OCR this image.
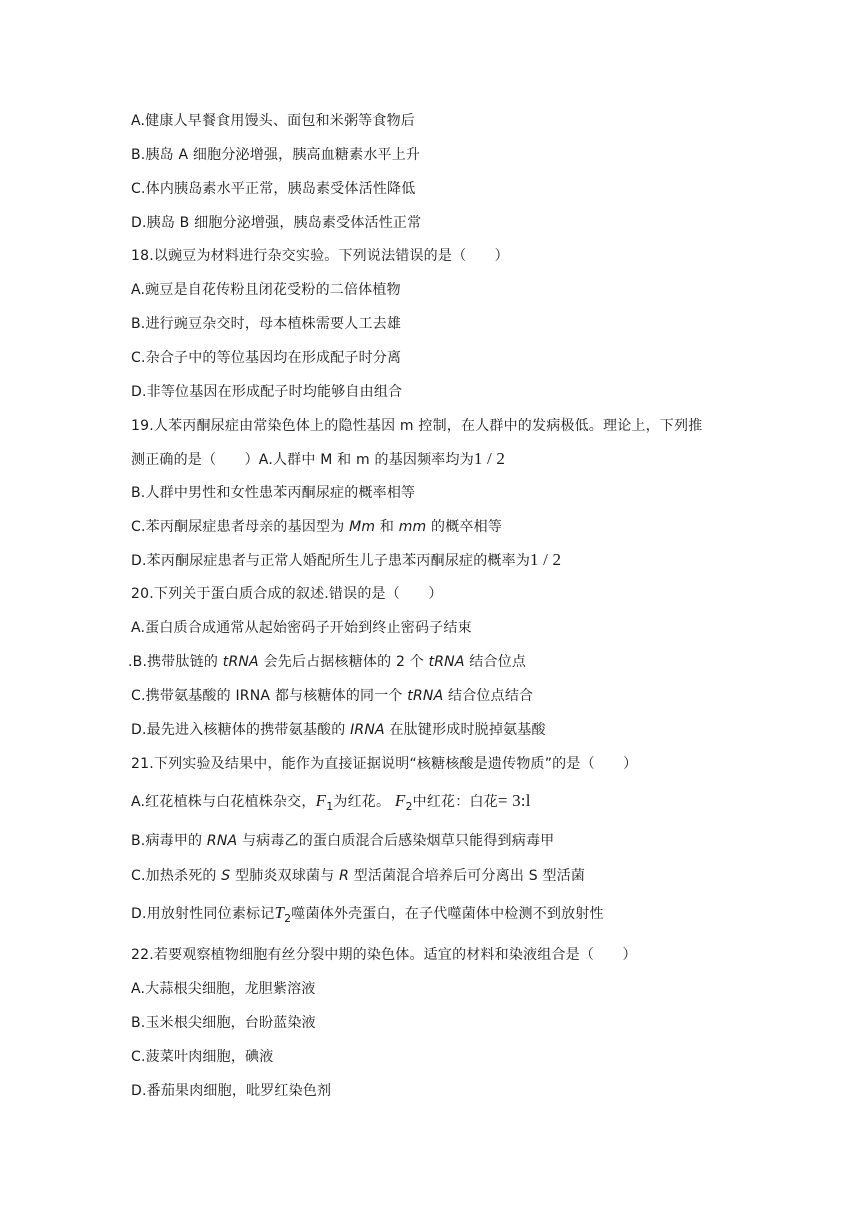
A.健康人早餐食用馒头、面包和米粥等食物后
B.胰岛 A 细胞分泌增强，胰高血糖素水平上升
C.体内胰岛素水平正常，胰岛素受体活性降低
D.胰岛 B 细胞分泌增强，胰岛素受体活性正常
18.以豌豆为材料进行杂交实验。下列说法错误的是（　　）
A.豌豆是自花传粉且闭花受粉的二倍体植物
B.进行豌豆杂交时，母本植株需要人工去雄
C.杂合子中的等位基因均在形成配子时分离
D.非等位基因在形成配子时均能够自由组合
19.人苯丙酮尿症由常染色体上的隐性基因 m 控制，在人群中的发病极低。理论上，下列推
测正确的是（　　）A.人群中 M 和 m 的基因频率均为1 / 2
B.人群中男性和女性患苯丙酮尿症的概率相等
C.苯丙酮尿症患者母亲的基因型为 Mm 和 mm 的概卒相等
D.苯丙酮尿症患者与正常人婚配所生儿子患苯丙酮尿症的概率为1 / 2
20.下列关于蛋白质合成的叙述.错误的是（　　）
A.蛋白质合成通常从起始密码子开始到终止密码子结束
.B.携带肽链的 tRNA 会先后占据核糖体的 2 个 tRNA 结合位点
C.携带氨基酸的 IRNA 都与核糖体的同一个 tRNA 结合位点结合
D.最先进入核糖体的携带氨基酸的 IRNA 在肽键形成时脱掉氨基酸
21.下列实验及结果中，能作为直接证据说明“核糖核酸是遗传物质”的是（　　）
A.红花植株与白花植株杂交，$F_1$为红花。 $F_2$中红花：白花= 3:l
B.病毒甲的 RNA 与病毒乙的蛋白质混合后感染烟草只能得到病毒甲
C.加热杀死的 S 型肺炎双球菌与 R 型活菌混合培养后可分离出 S 型活菌
D.用放射性同位素标记$T_2$噬菌体外壳蛋白，在子代噬菌体中检测不到放射性
22.若要观察植物细胞有丝分裂中期的染色体。适宜的材料和染液组合是（　　）
A.大蒜根尖细胞，龙胆紫溶液
B.玉米根尖细胞，台盼蓝染液
C.菠菜叶肉细胞，碘液
D.番茄果肉细胞，吡罗红染色剂
